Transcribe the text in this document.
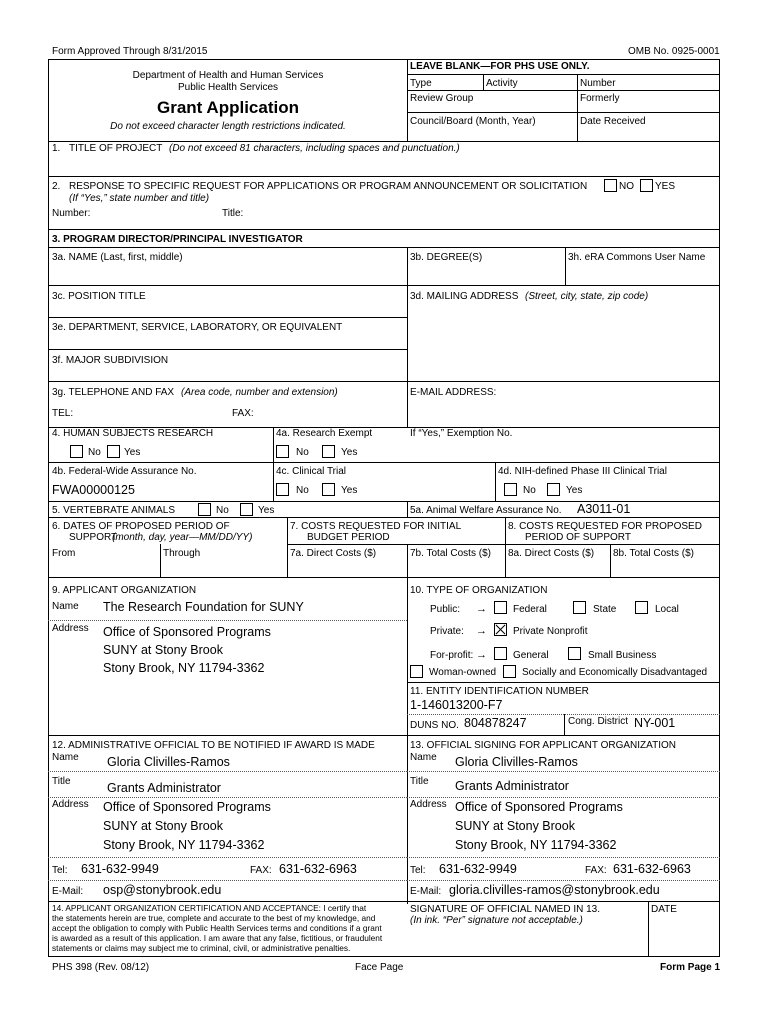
Form Approved Through 8/31/2015	OMB No. 0925-0001
Department of Health and Human Services
Public Health Services
Grant Application
Do not exceed character length restrictions indicated.
LEAVE BLANK—FOR PHS USE ONLY.
Type	Activity	Number
Review Group	Formerly
Council/Board (Month, Year)	Date Received
1. TITLE OF PROJECT (Do not exceed 81 characters, including spaces and punctuation.)
2. RESPONSE TO SPECIFIC REQUEST FOR APPLICATIONS OR PROGRAM ANNOUNCEMENT OR SOLICITATION	NO YES
(If “Yes,” state number and title)
Number:	Title:
3. PROGRAM DIRECTOR/PRINCIPAL INVESTIGATOR
3a. NAME (Last, first, middle)	3b. DEGREE(S)	3h. eRA Commons User Name
3c. POSITION TITLE	3d. MAILING ADDRESS (Street, city, state, zip code)
3e. DEPARTMENT, SERVICE, LABORATORY, OR EQUIVALENT
3f. MAJOR SUBDIVISION
3g. TELEPHONE AND FAX (Area code, number and extension)	E-MAIL ADDRESS:
TEL:	FAX:
4. HUMAN SUBJECTS RESEARCH	4a. Research Exempt	If “Yes,” Exemption No.
No Yes	No	Yes
4b. Federal-Wide Assurance No.	4c. Clinical Trial	4d. NIH-defined Phase III Clinical Trial
FWA00000125	No	Yes	No	Yes
5. VERTEBRATE ANIMALS	No	Yes	5a. Animal Welfare Assurance No. A3011-01
6. DATES OF PROPOSED PERIOD OF
SUPPORT
(month, day, year—MM/DD/YY)
7. COSTS REQUESTED FOR INITIAL
BUDGET PERIOD
8. COSTS REQUESTED FOR PROPOSED
PERIOD OF SUPPORT
From	Through	7a. Direct Costs ($)	7b. Total Costs ($) 8a. Direct Costs ($) 8b. Total Costs ($)
9. APPLICANT ORGANIZATION
Name The Research Foundation for SUNY
Address Office of Sponsored Programs
SUNY at Stony Brook
Stony Brook, NY 11794-3362
10. TYPE OF ORGANIZATION
Public: →	Federal	State	Local
Private: →	Private Nonprofit
For-profit: →	General	Small Business
Woman-owned	Socially and Economically Disadvantaged
11. ENTITY IDENTIFICATION NUMBER
1-146013200-F7
DUNS NO. 804878247	Cong. District NY-001
12. ADMINISTRATIVE OFFICIAL TO BE NOTIFIED IF AWARD IS MADE
Name Gloria Clivilles-Ramos
Title	Grants Administrator
Address Office of Sponsored Programs
SUNY at Stony Brook
Stony Brook, NY 11794-3362
Tel: 631-632-9949	FAX: 631-632-6963
E-Mail: osp@stonybrook.edu
13. OFFICIAL SIGNING FOR APPLICANT ORGANIZATION
Name Gloria Clivilles-Ramos
Title Grants Administrator
Address Office of Sponsored Programs
SUNY at Stony Brook
Stony Brook, NY 11794-3362
Tel: 631-632-9949	FAX: 631-632-6963
E-Mail: gloria.clivilles-ramos@stonybrook.edu
14. APPLICANT ORGANIZATION CERTIFICATION AND ACCEPTANCE: I certify that
the statements herein are true, complete and accurate to the best of my knowledge, and
accept the obligation to comply with Public Health Services terms and conditions if a grant
is awarded as a result of this application. I am aware that any false, fictitious, or fraudulent
statements or claims may subject me to criminal, civil, or administrative penalties.
SIGNATURE OF OFFICIAL NAMED IN 13.
(In ink. “Per” signature not acceptable.)
DATE
PHS 398 (Rev. 08/12)	Face Page	Form Page 1
